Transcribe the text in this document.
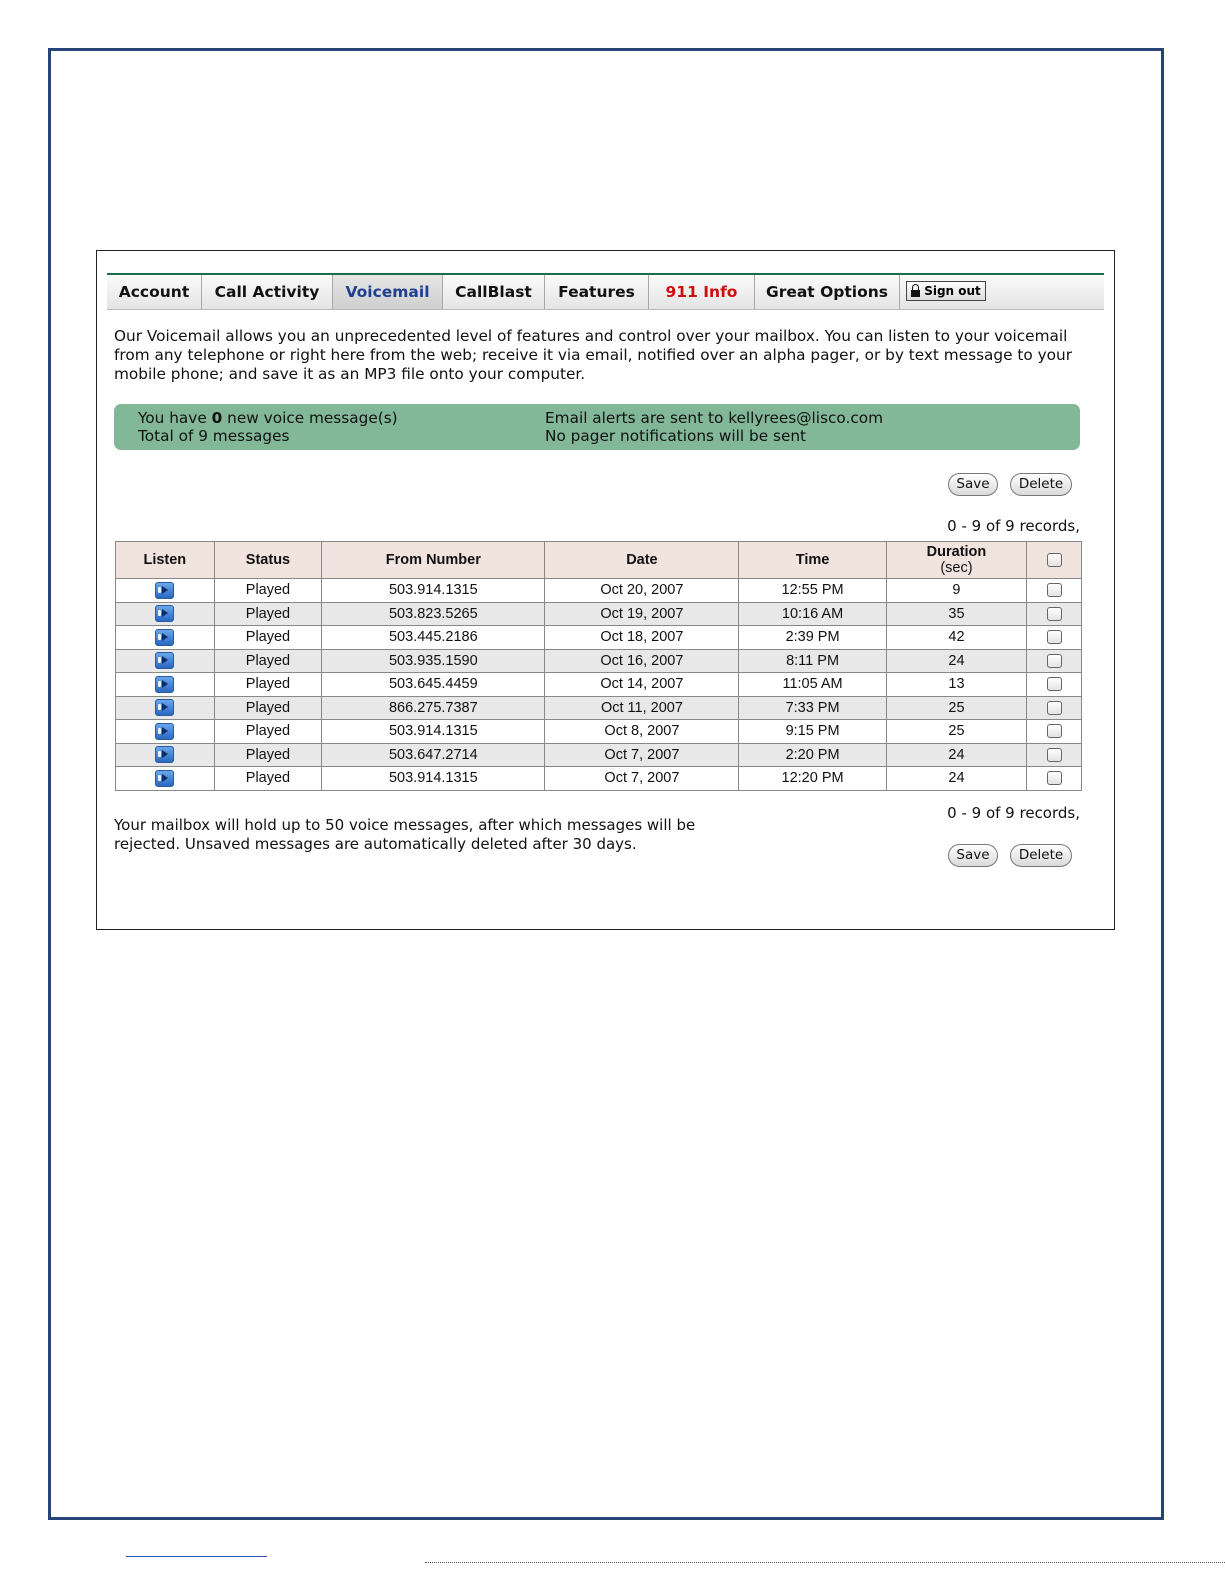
Account	Call Activity	Voicemail	CallBlast	Features	911 Info	Great Options	Sign out
Our Voicemail allows you an unprecedented level of features and control over your mailbox. You can listen to your voicemail from any telephone or right here from the web; receive it via email, notified over an alpha pager, or by text message to your mobile phone; and save it as an MP3 file onto your computer.
You have 0 new voice message(s)
Total of 9 messages
Email alerts are sent to kellyrees@lisco.com
No pager notifications will be sent
Save	Delete
0 - 9 of 9 records,
Listen	Status	From Number	Date	Time	Duration
(sec)	

	Played	503.914.1315	Oct 20, 2007	12:55 PM	9	
	Played	503.823.5265	Oct 19, 2007	10:16 AM	35	
	Played	503.445.2186	Oct 18, 2007	2:39 PM	42	
	Played	503.935.1590	Oct 16, 2007	8:11 PM	24	
	Played	503.645.4459	Oct 14, 2007	11:05 AM	13	
	Played	866.275.7387	Oct 11, 2007	7:33 PM	25	
	Played	503.914.1315	Oct 8, 2007	9:15 PM	25	
	Played	503.647.2714	Oct 7, 2007	2:20 PM	24	
	Played	503.914.1315	Oct 7, 2007	12:20 PM	24	
0 - 9 of 9 records,
Your mailbox will hold up to 50 voice messages, after which messages will be rejected. Unsaved messages are automatically deleted after 30 days.
Save	Delete
